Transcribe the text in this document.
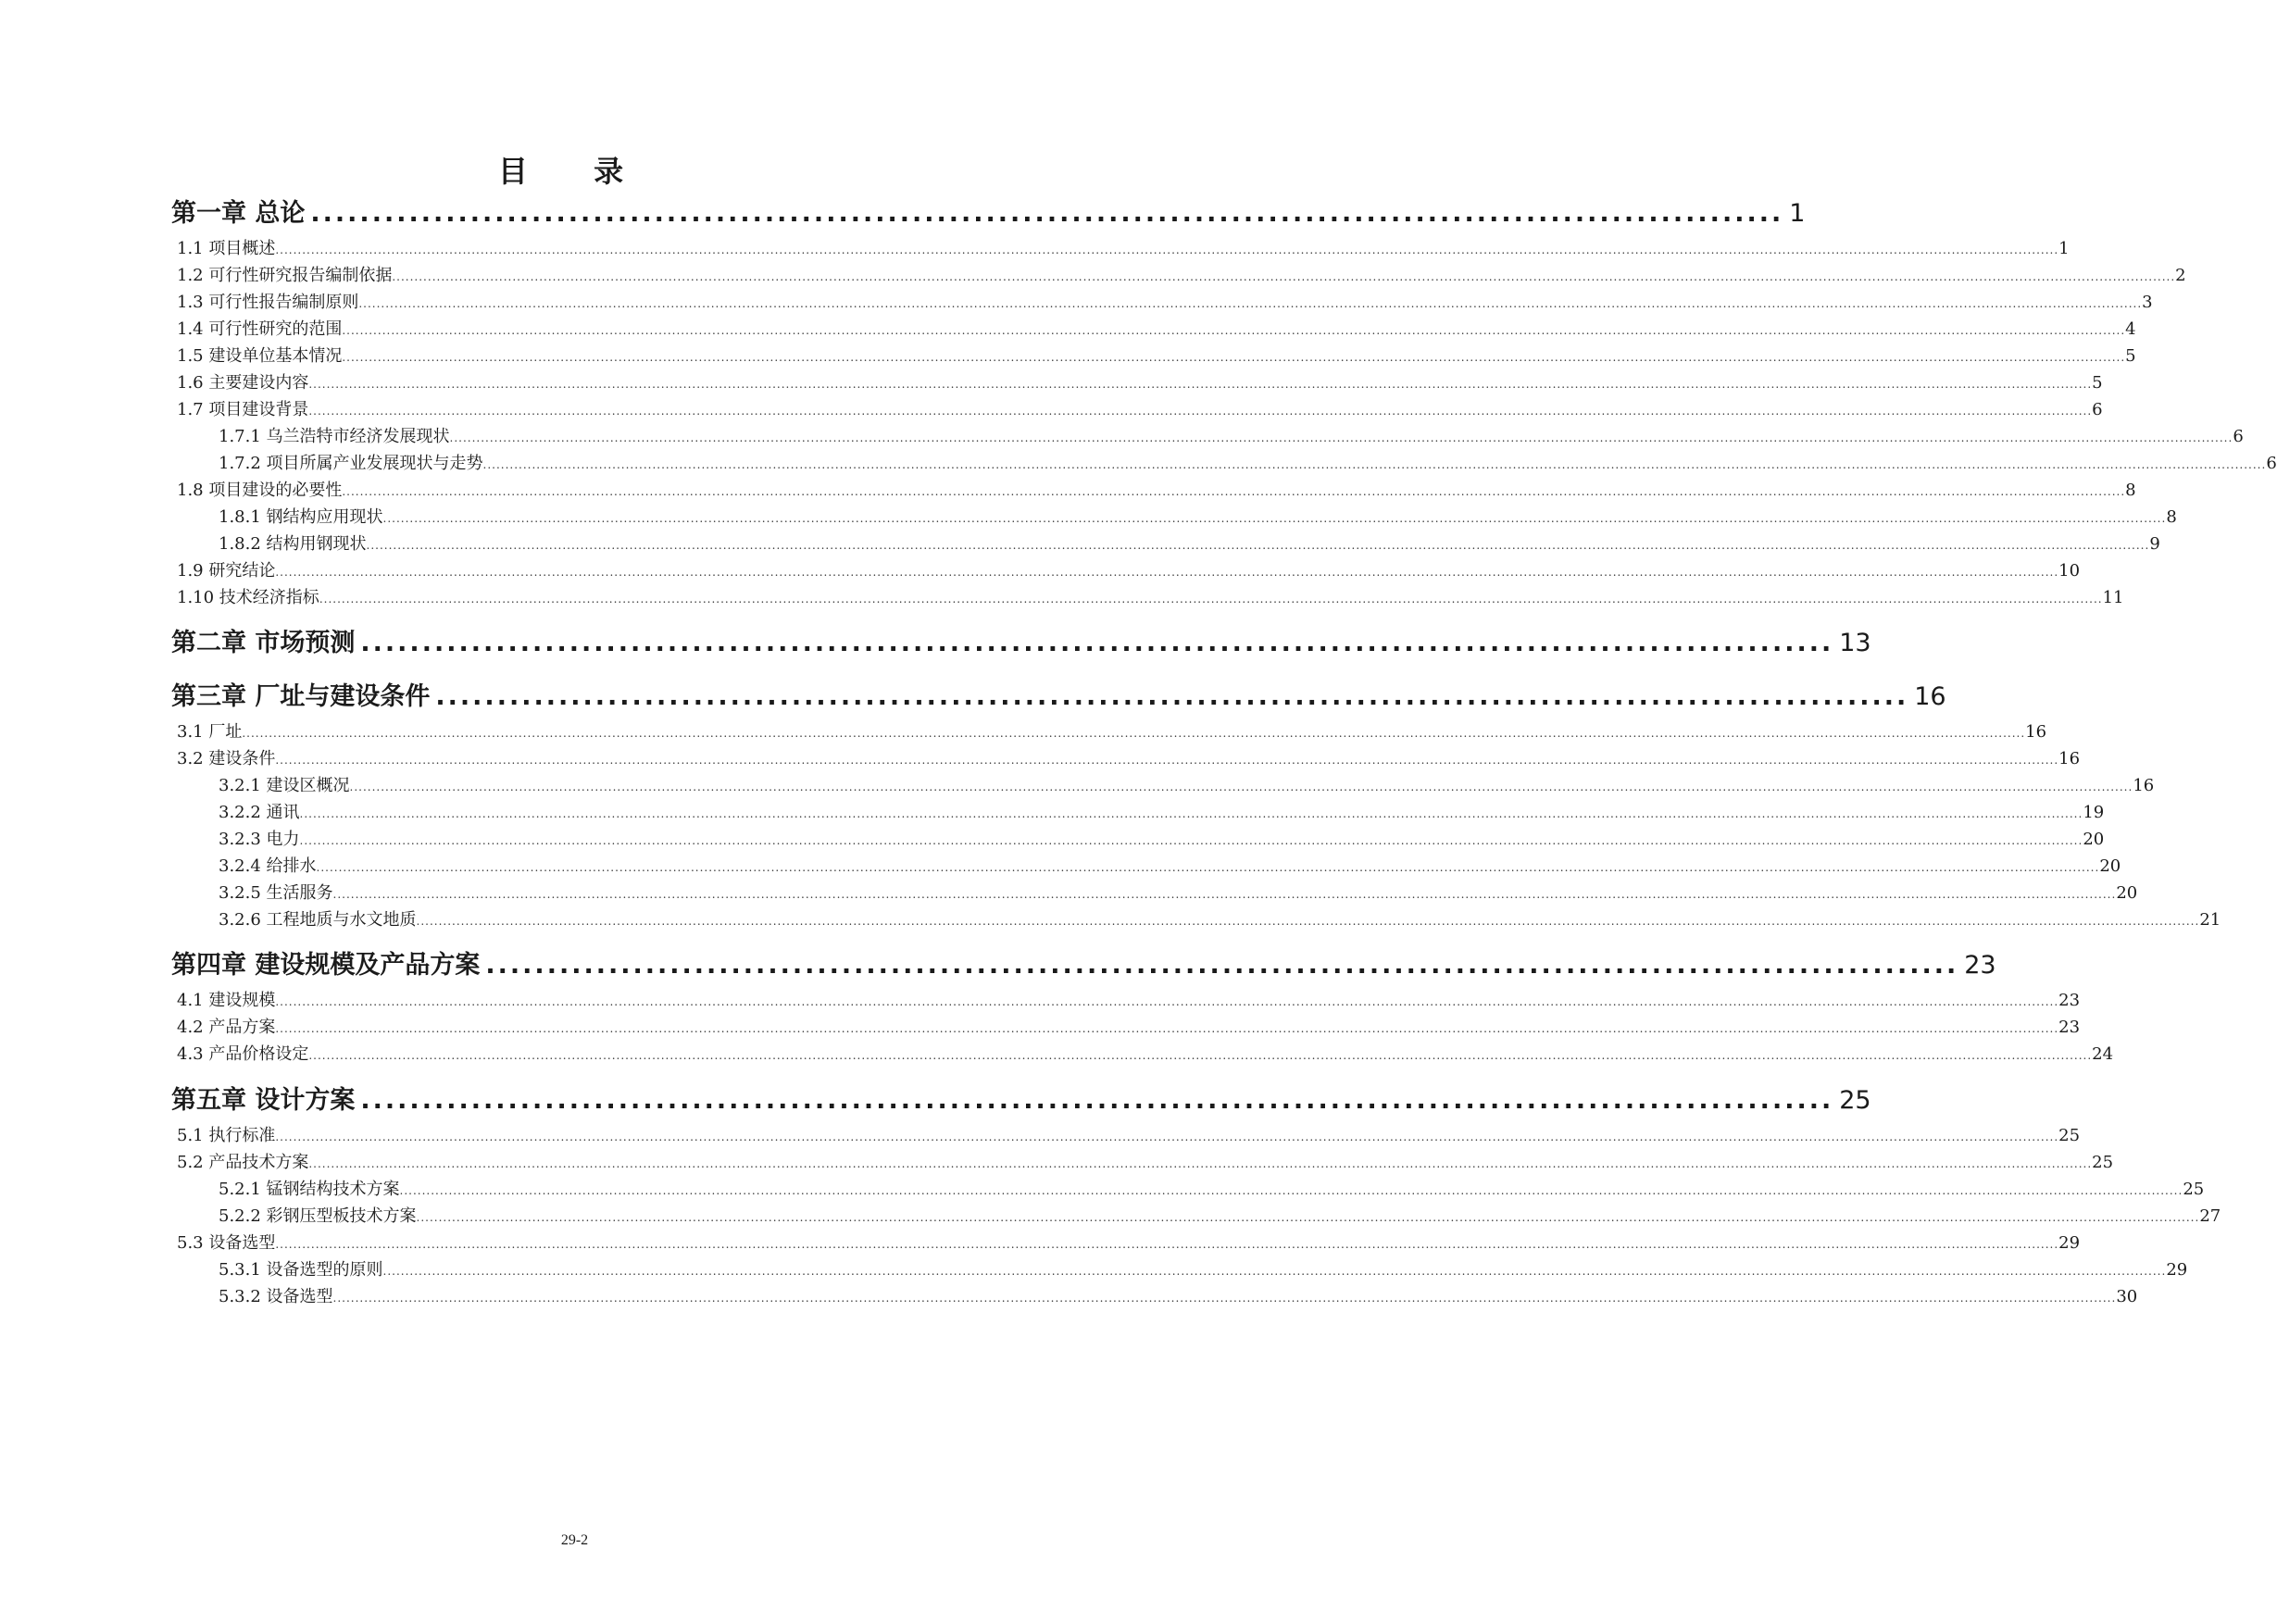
目 录
第一章 总论 ........................................................................................................................ 1
1.1 项目概述 ................................................................................................................................................................................................................................................................................................................................................................................................................ 1
1.2 可行性研究报告编制依据 ................................................................................................................................................................................................................................................................................................................................................................................................................ 2
1.3 可行性报告编制原则 ................................................................................................................................................................................................................................................................................................................................................................................................................ 3
1.4 可行性研究的范围 ................................................................................................................................................................................................................................................................................................................................................................................................................ 4
1.5 建设单位基本情况 ................................................................................................................................................................................................................................................................................................................................................................................................................ 5
1.6 主要建设内容 ................................................................................................................................................................................................................................................................................................................................................................................................................ 5
1.7 项目建设背景 ................................................................................................................................................................................................................................................................................................................................................................................................................ 6
1.7.1 乌兰浩特市经济发展现状 ................................................................................................................................................................................................................................................................................................................................................................................................................ 6
1.7.2 项目所属产业发展现状与走势 ................................................................................................................................................................................................................................................................................................................................................................................................................ 6
1.8 项目建设的必要性 ................................................................................................................................................................................................................................................................................................................................................................................................................ 8
1.8.1 钢结构应用现状 ................................................................................................................................................................................................................................................................................................................................................................................................................ 8
1.8.2 结构用钢现状 ................................................................................................................................................................................................................................................................................................................................................................................................................ 9
1.9 研究结论 ................................................................................................................................................................................................................................................................................................................................................................................................................ 10
1.10 技术经济指标 ................................................................................................................................................................................................................................................................................................................................................................................................................ 11
第二章 市场预测 ........................................................................................................................ 13
第三章 厂址与建设条件 ........................................................................................................................ 16
3.1 厂址 ................................................................................................................................................................................................................................................................................................................................................................................................................ 16
3.2 建设条件 ................................................................................................................................................................................................................................................................................................................................................................................................................ 16
3.2.1 建设区概况 ................................................................................................................................................................................................................................................................................................................................................................................................................ 16
3.2.2 通讯 ................................................................................................................................................................................................................................................................................................................................................................................................................ 19
3.2.3 电力 ................................................................................................................................................................................................................................................................................................................................................................................................................ 20
3.2.4 给排水 ................................................................................................................................................................................................................................................................................................................................................................................................................ 20
3.2.5 生活服务 ................................................................................................................................................................................................................................................................................................................................................................................................................ 20
3.2.6 工程地质与水文地质 ................................................................................................................................................................................................................................................................................................................................................................................................................ 21
第四章 建设规模及产品方案 ........................................................................................................................ 23
4.1 建设规模 ................................................................................................................................................................................................................................................................................................................................................................................................................ 23
4.2 产品方案 ................................................................................................................................................................................................................................................................................................................................................................................................................ 23
4.3 产品价格设定 ................................................................................................................................................................................................................................................................................................................................................................................................................ 24
第五章 设计方案 ........................................................................................................................ 25
5.1 执行标准 ................................................................................................................................................................................................................................................................................................................................................................................................................ 25
5.2 产品技术方案 ................................................................................................................................................................................................................................................................................................................................................................................................................ 25
5.2.1 锰钢结构技术方案 ................................................................................................................................................................................................................................................................................................................................................................................................................ 25
5.2.2 彩钢压型板技术方案 ................................................................................................................................................................................................................................................................................................................................................................................................................ 27
5.3 设备选型 ................................................................................................................................................................................................................................................................................................................................................................................................................ 29
5.3.1 设备选型的原则 ................................................................................................................................................................................................................................................................................................................................................................................................................ 29
5.3.2 设备选型 ................................................................................................................................................................................................................................................................................................................................................................................................................ 30
29-2
